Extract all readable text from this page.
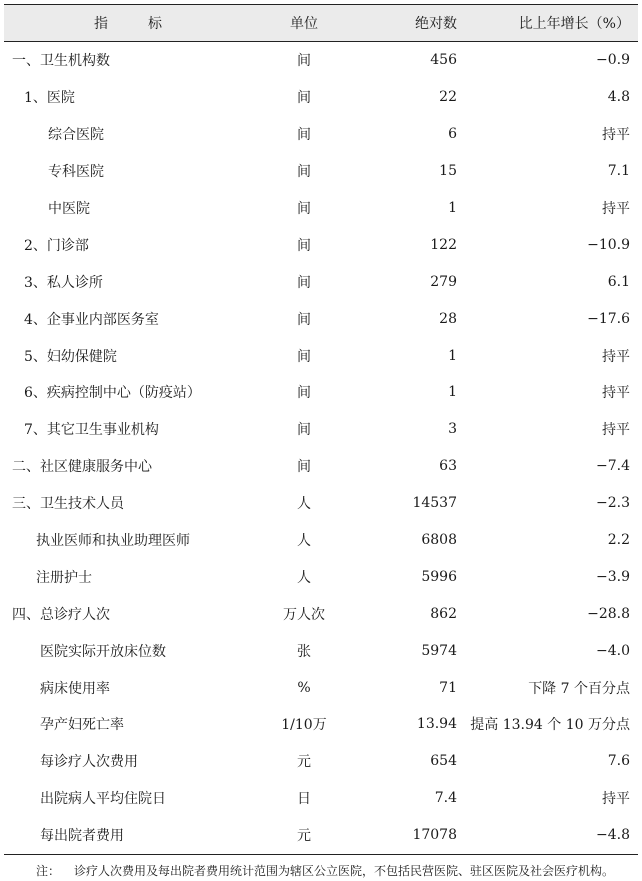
指 标	单位	绝对数	比上年增长（%）
一、卫生机构数	间	456	−0.9
1、医院	间	22	4.8
综合医院	间	6	持平
专科医院	间	15	7.1
中医院	间	1	持平
2、门诊部	间	122	−10.9
3、私人诊所	间	279	6.1
4、企事业内部医务室	间	28	−17.6
5、妇幼保健院	间	1	持平
6、疾病控制中心（防疫站）	间	1	持平
7、其它卫生事业机构	间	3	持平
二、社区健康服务中心	间	63	−7.4
三、卫生技术人员	人	14537	−2.3
执业医师和执业助理医师	人	6808	2.2
注册护士	人	5996	−3.9
四、总诊疗人次	万人次	862	−28.8
医院实际开放床位数	张	5974	−4.0
病床使用率	%	71	下降 7 个百分点
孕产妇死亡率	1/10万	13.94	提高 13.94 个 10 万分点
每诊疗人次费用	元	654	7.6
出院病人平均住院日	日	7.4	持平
每出院者费用	元	17078	−4.8
注： 诊疗人次费用及每出院者费用统计范围为辖区公立医院，不包括民营医院、驻区医院及社会医疗机构。
